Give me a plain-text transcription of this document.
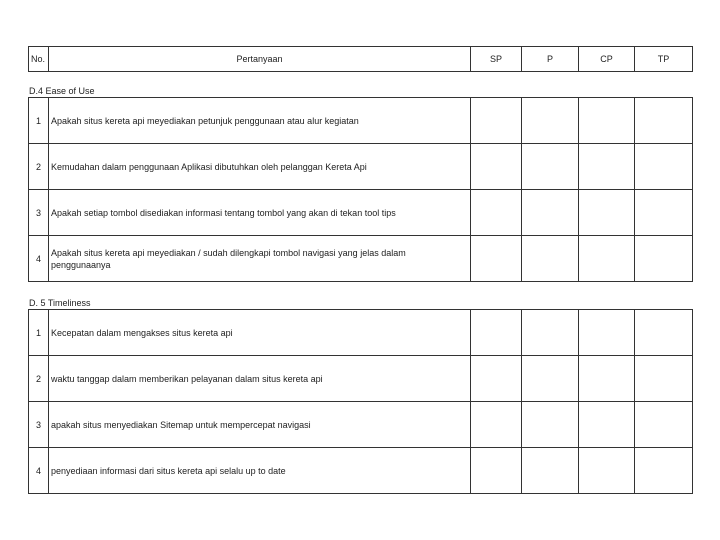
No.	Pertanyaan	SP	P	CP	TP
D.4 Ease of Use
1	Apakah situs kereta api meyediakan petunjuk penggunaan atau alur kegiatan				
2	Kemudahan dalam penggunaan Aplikasi dibutuhkan oleh pelanggan Kereta Api				
3	Apakah setiap tombol disediakan informasi tentang tombol yang akan di tekan tool tips				
4	Apakah situs kereta api meyediakan / sudah dilengkapi tombol navigasi yang jelas dalam penggunaanya				
D. 5 Timeliness
1	Kecepatan dalam mengakses situs kereta api				
2	waktu tanggap dalam memberikan pelayanan dalam situs kereta api				
3	apakah situs menyediakan Sitemap untuk mempercepat navigasi				
4	penyediaan informasi dari situs kereta api selalu up to date				
